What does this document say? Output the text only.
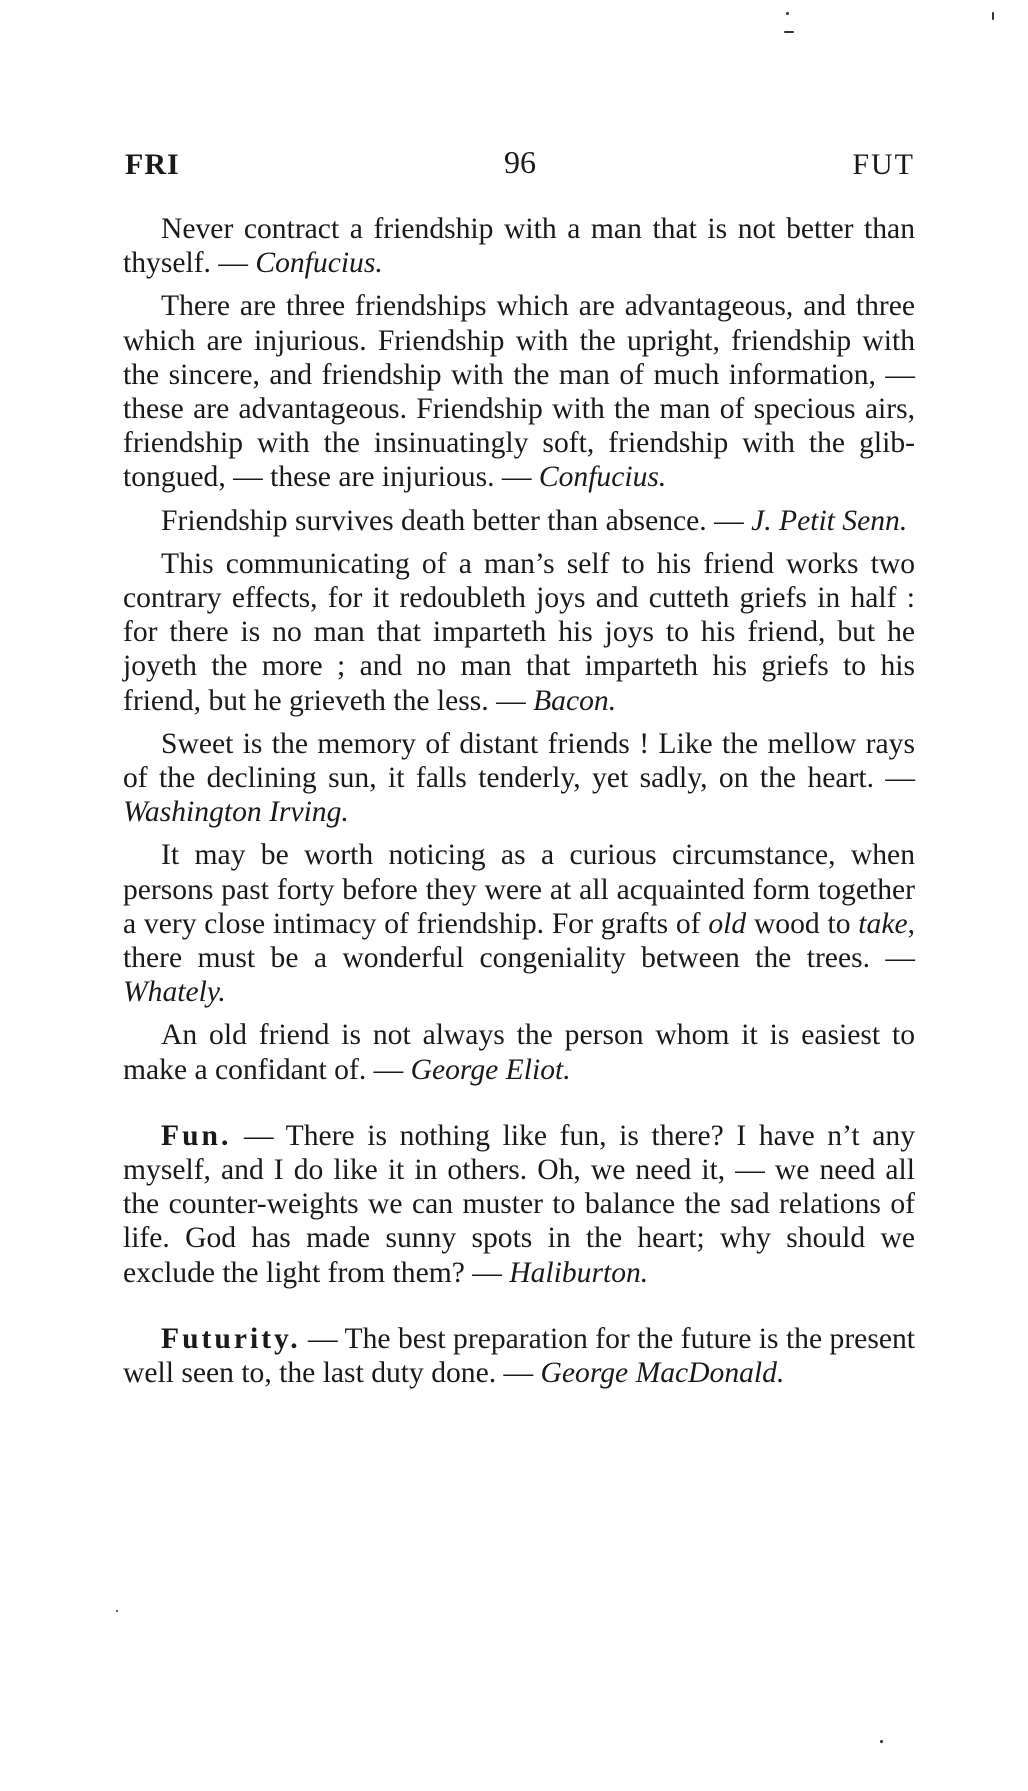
FRI	96	FUT

Never contract a friendship with a man that is not better than thyself. — Confucius.

There are three friendships which are advantageous, and three which are injurious. Friendship with the upright, friendship with the sincere, and friendship with the man of much information, — these are advantageous. Friendship with the man of specious airs, friendship with the insinuatingly soft, friendship with the glib-tongued, — these are injurious. — Confucius.

Friendship survives death better than absence. — J. Petit Senn.

This communicating of a man’s self to his friend works two contrary effects, for it redoubleth joys and cutteth griefs in half : for there is no man that imparteth his joys to his friend, but he joyeth the more ; and no man that imparteth his griefs to his friend, but he grieveth the less. — Bacon.

Sweet is the memory of distant friends ! Like the mellow rays of the declining sun, it falls tenderly, yet sadly, on the heart. — Washington Irving.

It may be worth noticing as a curious circumstance, when persons past forty before they were at all acquainted form together a very close intimacy of friendship. For grafts of old wood to take, there must be a wonderful congeniality between the trees. — Whately.

An old friend is not always the person whom it is easiest to make a confidant of. — George Eliot.

Fun. — There is nothing like fun, is there? I have n’t any myself, and I do like it in others. Oh, we need it, — we need all the counter-weights we can muster to balance the sad relations of life. God has made sunny spots in the heart; why should we exclude the light from them? — Haliburton.

Futurity. — The best preparation for the future is the present well seen to, the last duty done. — George MacDonald.
